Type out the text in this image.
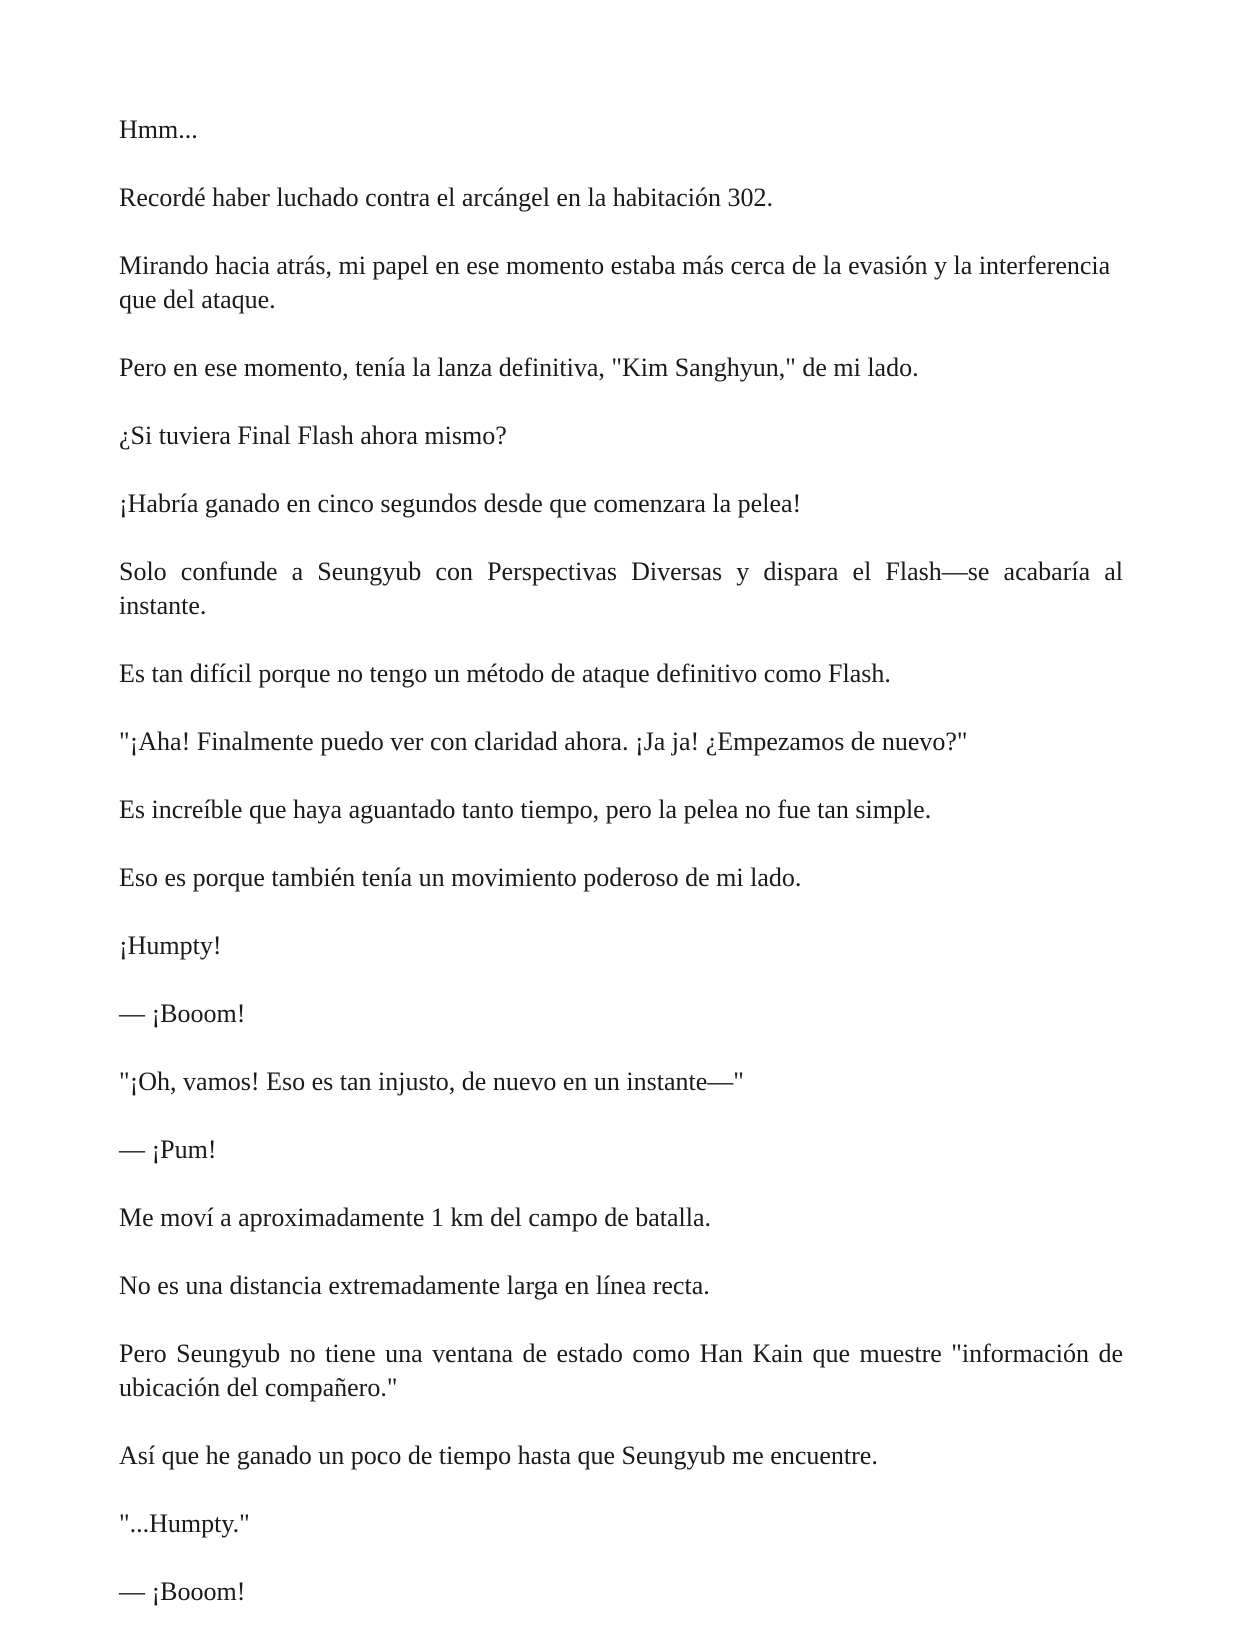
Hmm...

Recordé haber luchado contra el arcángel en la habitación 302.

Mirando hacia atrás, mi papel en ese momento estaba más cerca de la evasión y la interferencia que del ataque.

Pero en ese momento, tenía la lanza definitiva, "Kim Sanghyun," de mi lado.

¿Si tuviera Final Flash ahora mismo?

¡Habría ganado en cinco segundos desde que comenzara la pelea!

Solo confunde a Seungyub con Perspectivas Diversas y dispara el Flash—se acabaría al instante.

Es tan difícil porque no tengo un método de ataque definitivo como Flash.

"¡Aha! Finalmente puedo ver con claridad ahora. ¡Ja ja! ¿Empezamos de nuevo?"

Es increíble que haya aguantado tanto tiempo, pero la pelea no fue tan simple.

Eso es porque también tenía un movimiento poderoso de mi lado.

¡Humpty!

— ¡Booom!

"¡Oh, vamos! Eso es tan injusto, de nuevo en un instante—"

— ¡Pum!

Me moví a aproximadamente 1 km del campo de batalla.

No es una distancia extremadamente larga en línea recta.

Pero Seungyub no tiene una ventana de estado como Han Kain que muestre "información de ubicación del compañero."

Así que he ganado un poco de tiempo hasta que Seungyub me encuentre.

"...Humpty."

— ¡Booom!
